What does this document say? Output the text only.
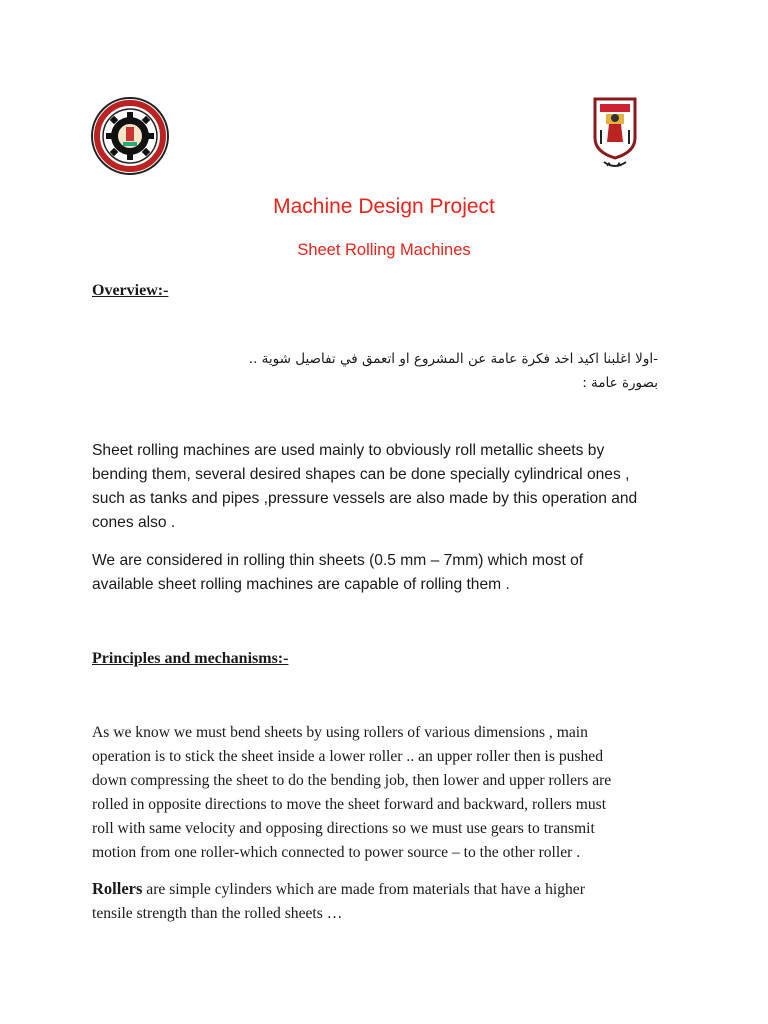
Machine Design Project
Sheet Rolling Machines
Overview:-
-اولا اغلبنا اكيد اخد فكرة عامة عن المشروع او اتعمق في تفاصيل شوية ..
بصورة عامة :
Sheet rolling machines are used mainly to obviously roll metallic sheets by
bending them, several desired shapes can be done specially cylindrical ones ,
such as tanks and pipes ,pressure vessels are also made by this operation and
cones also .
We are considered in rolling thin sheets (0.5 mm – 7mm) which most of
available sheet rolling machines are capable of rolling them .
Principles and mechanisms:-
As we know we must bend sheets by using rollers of various dimensions , main
operation is to stick the sheet inside a lower roller .. an upper roller then is pushed
down compressing the sheet to do the bending job, then lower and upper rollers are
rolled in opposite directions to move the sheet forward and backward, rollers must
roll with same velocity and opposing directions so we must use gears to transmit
motion from one roller-which connected to power source – to the other roller .
Rollers are simple cylinders which are made from materials that have a higher
tensile strength than the rolled sheets …
